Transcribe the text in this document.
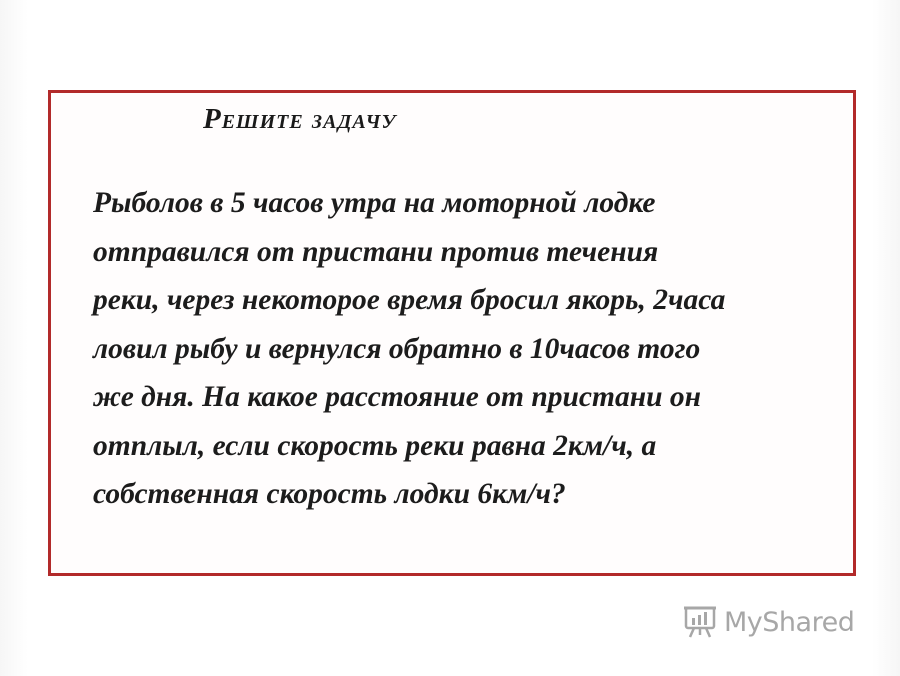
Решите задачу

Рыболов в 5 часов утра на моторной лодке
отправился от пристани против течения
реки, через некоторое время бросил якорь, 2часа
ловил рыбу и вернулся обратно в 10часов того
же дня. На какое расстояние от пристани он
отплыл, если скорость реки равна 2км/ч, а
собственная скорость лодки 6км/ч?

MyShared
